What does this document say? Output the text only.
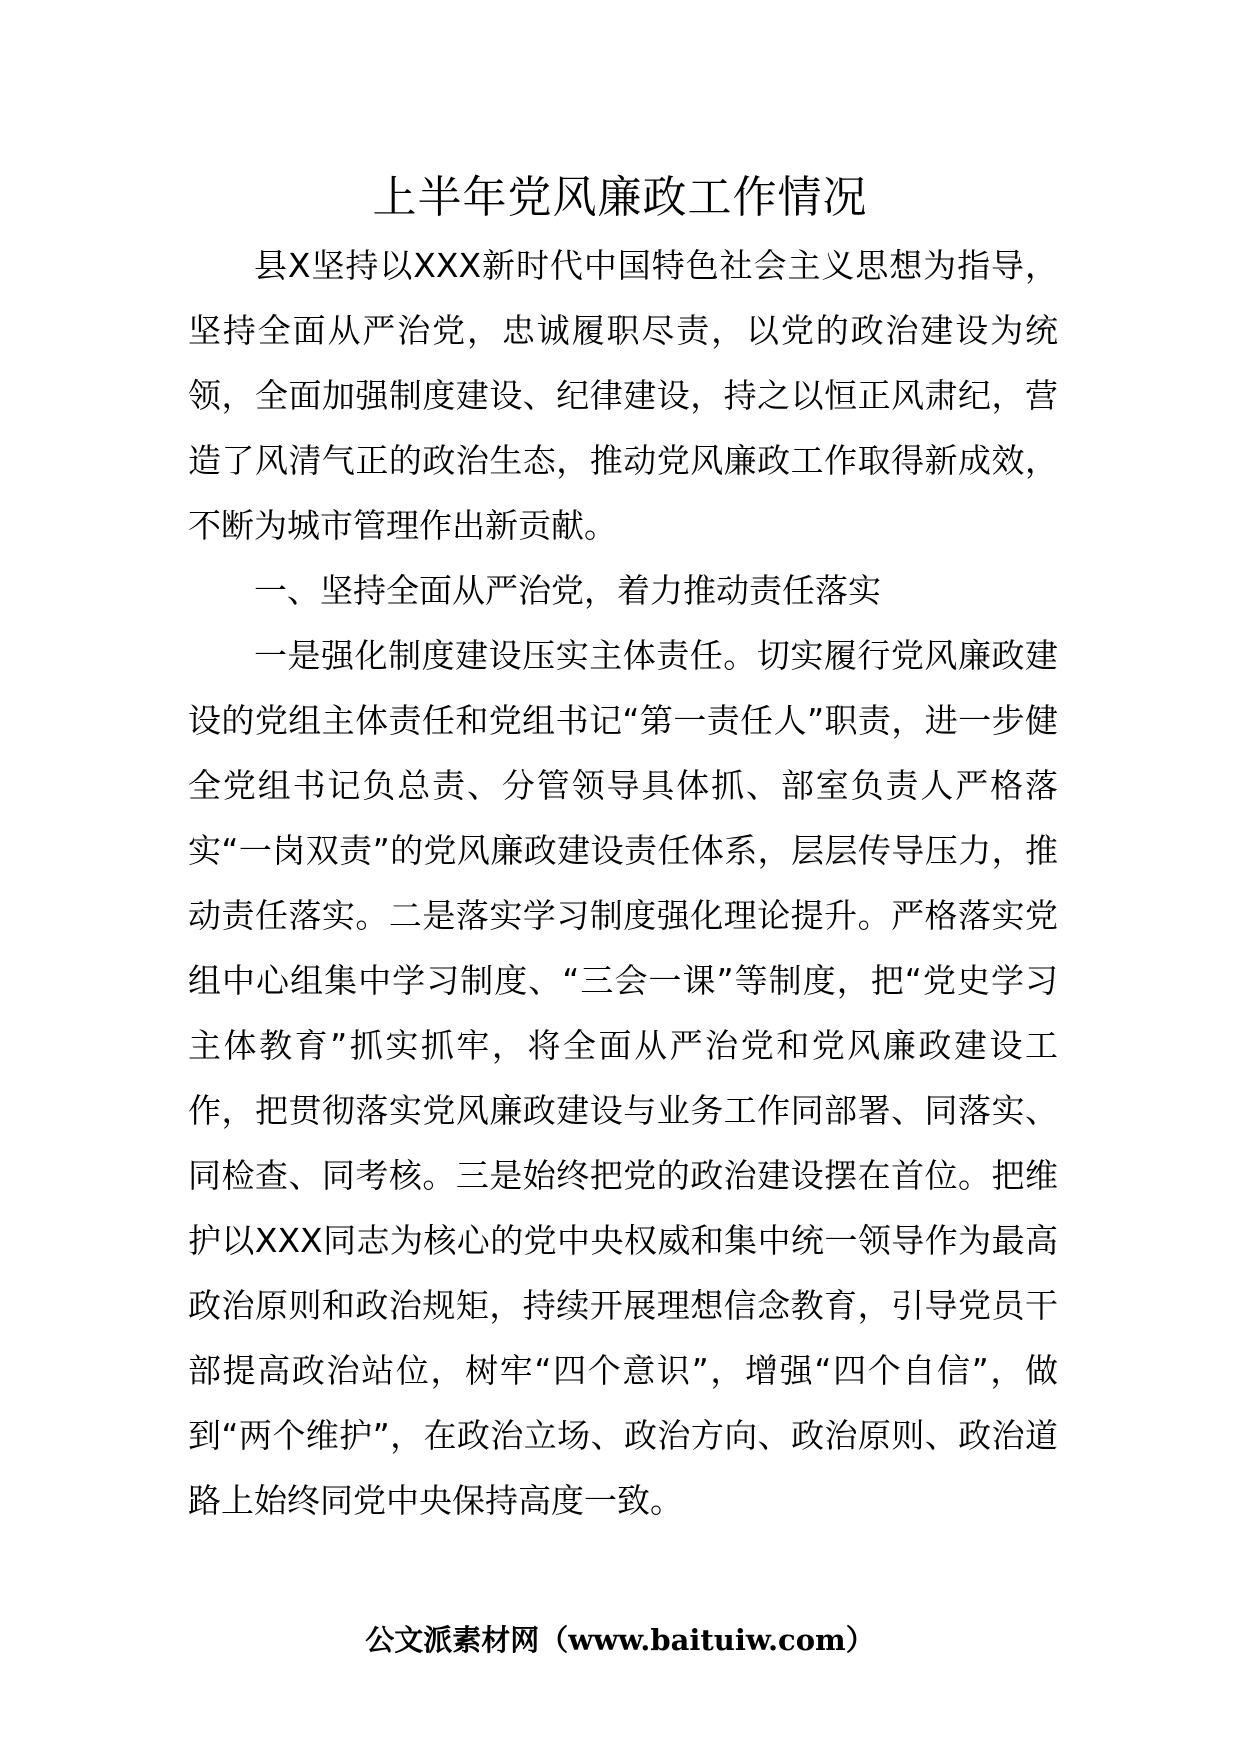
上半年党风廉政工作情况

县X坚持以XXX新时代中国特色社会主义思想为指导，坚持全面从严治党，忠诚履职尽责，以党的政治建设为统领，全面加强制度建设、纪律建设，持之以恒正风肃纪，营造了风清气正的政治生态，推动党风廉政工作取得新成效，不断为城市管理作出新贡献。

一、坚持全面从严治党，着力推动责任落实

一是强化制度建设压实主体责任。切实履行党风廉政建设的党组主体责任和党组书记“第一责任人”职责，进一步健全党组书记负总责、分管领导具体抓、部室负责人严格落实“一岗双责”的党风廉政建设责任体系，层层传导压力，推动责任落实。二是落实学习制度强化理论提升。严格落实党组中心组集中学习制度、“三会一课”等制度，把“党史学习主体教育”抓实抓牢，将全面从严治党和党风廉政建设工作，把贯彻落实党风廉政建设与业务工作同部署、同落实、同检查、同考核。三是始终把党的政治建设摆在首位。把维护以XXX同志为核心的党中央权威和集中统一领导作为最高政治原则和政治规矩，持续开展理想信念教育，引导党员干部提高政治站位，树牢“四个意识”，增强“四个自信”，做到“两个维护”，在政治立场、政治方向、政治原则、政治道路上始终同党中央保持高度一致。

公文派素材网（www.baituiw.com）
